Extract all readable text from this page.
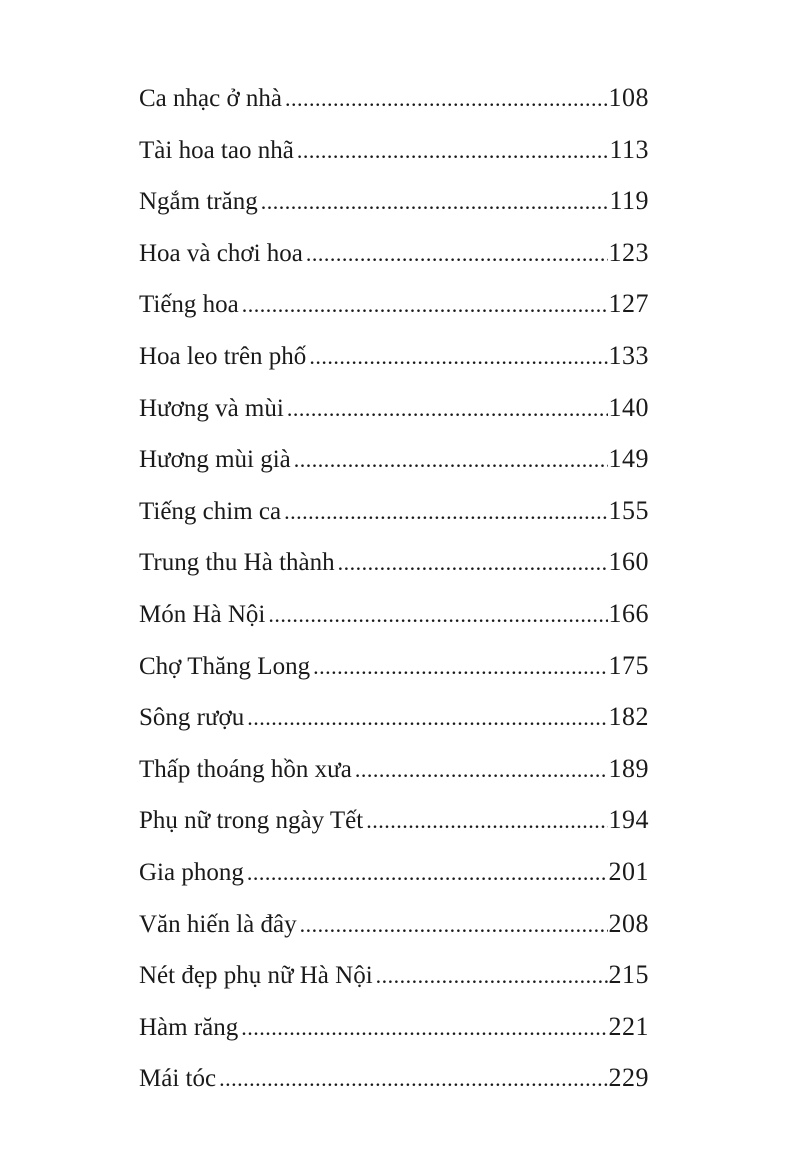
Ca nhạc ở nhà .....	108
Tài hoa tao nhã .....	113
Ngắm trăng .....	119
Hoa và chơi hoa .....	123
Tiếng hoa .....	127
Hoa leo trên phố .....	133
Hương và mùi .....	140
Hương mùi già .....	149
Tiếng chim ca .....	155
Trung thu Hà thành .....	160
Món Hà Nội .....	166
Chợ Thăng Long .....	175
Sông rượu .....	182
Thấp thoáng hồn xưa .....	189
Phụ nữ trong ngày Tết .....	194
Gia phong .....	201
Văn hiến là đây .....	208
Nét đẹp phụ nữ Hà Nội .....	215
Hàm răng .....	221
Mái tóc .....	229
